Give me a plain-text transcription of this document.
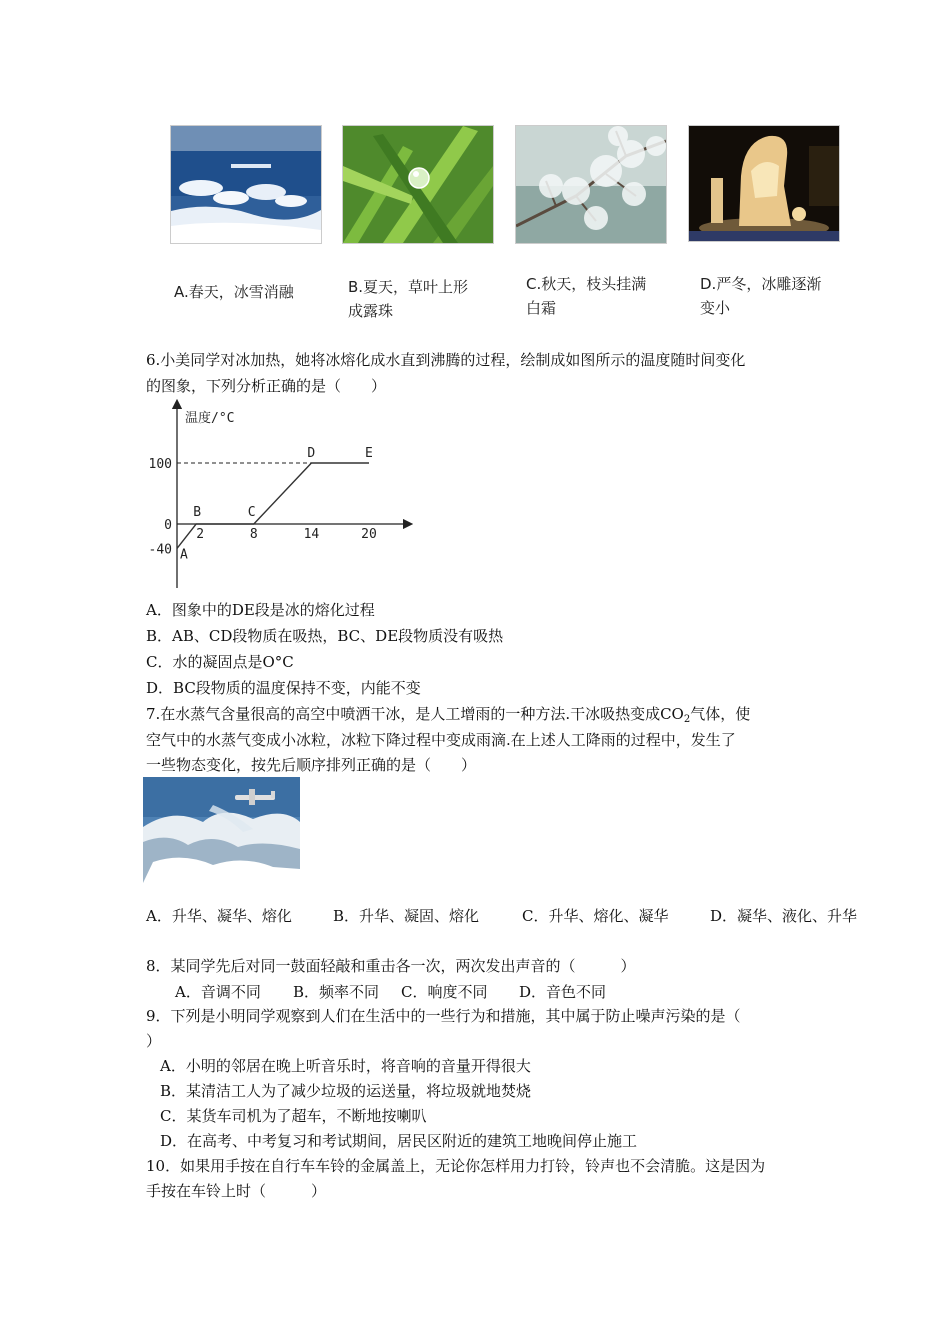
A.春天，冰雪消融	B.夏天，草叶上形
成露珠
C.秋天，枝头挂满
白霜
D.严冬，冰雕逐渐
变小
6.小美同学对冰加热，她将冰熔化成水直到沸腾的过程，绘制成如图所示的温度随时间变化
的图象，下列分析正确的是（　　）
温度/°C
100
0
-40
2	8	14	20
A
B	C
D	E
A．图象中的DE段是冰的熔化过程
B．AB、CD段物质在吸热，BC、DE段物质没有吸热
C．水的凝固点是O°C
D．BC段物质的温度保持不变，内能不变
7.在水蒸气含量很高的高空中喷洒干冰，是人工增雨的一种方法.干冰吸热变成$CO_2$气体，使
空气中的水蒸气变成小冰粒，冰粒下降过程中变成雨滴.在上述人工降雨的过程中，发生了
一些物态变化，按先后顺序排列正确的是（　　）
A．升华、凝华、熔化	B．升华、凝固、熔化	C．升华、熔化、凝华	D．凝华、液化、升华
8．某同学先后对同一鼓面轻敲和重击各一次，两次发出声音的（　　　）
A．音调不同 B．频率不同 C．响度不同 D．音色不同
9．下列是小明同学观察到人们在生活中的一些行为和措施，其中属于防止噪声污染的是（
）
A．小明的邻居在晚上听音乐时，将音响的音量开得很大
B．某清洁工人为了减少垃圾的运送量，将垃圾就地焚烧
C．某货车司机为了超车，不断地按喇叭
D．在高考、中考复习和考试期间，居民区附近的建筑工地晚间停止施工
10．如果用手按在自行车车铃的金属盖上，无论你怎样用力打铃，铃声也不会清脆。这是因为
手按在车铃上时（　　　）
